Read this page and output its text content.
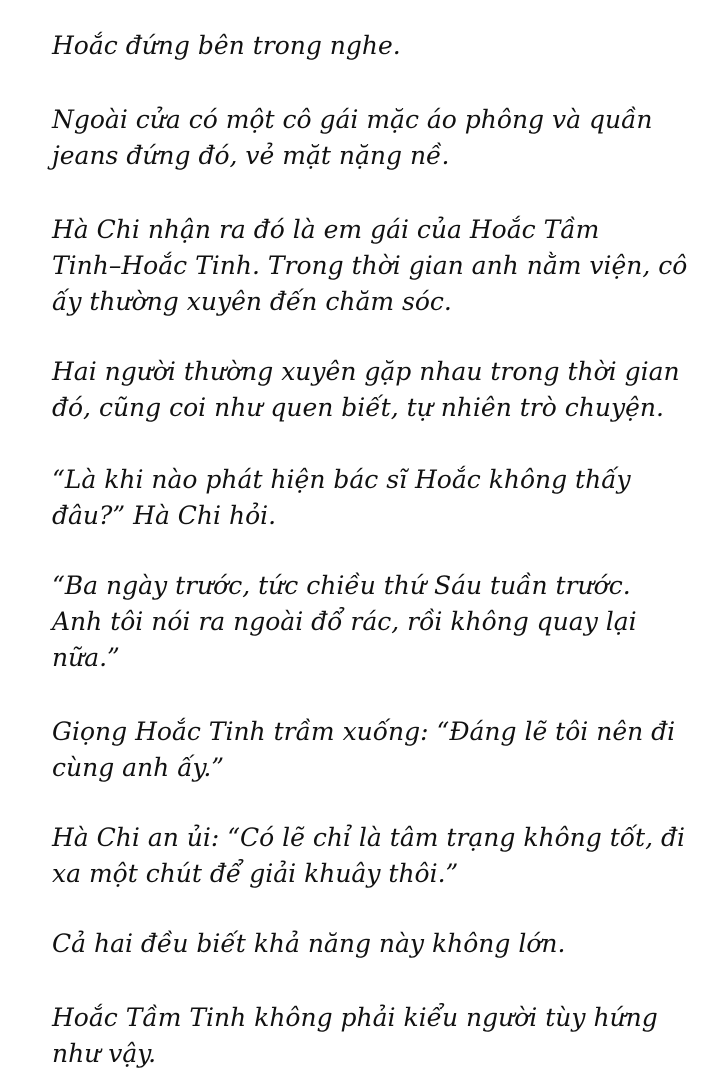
Hoắc đứng bên trong nghe.

Ngoài cửa có một cô gái mặc áo phông và quần
jeans đứng đó, vẻ mặt nặng nề.

Hà Chi nhận ra đó là em gái của Hoắc Tầm
Tinh–Hoắc Tinh. Trong thời gian anh nằm viện, cô
ấy thường xuyên đến chăm sóc.

Hai người thường xuyên gặp nhau trong thời gian
đó, cũng coi như quen biết, tự nhiên trò chuyện.

“Là khi nào phát hiện bác sĩ Hoắc không thấy
đâu?” Hà Chi hỏi.

“Ba ngày trước, tức chiều thứ Sáu tuần trước.
Anh tôi nói ra ngoài đổ rác, rồi không quay lại
nữa.”

Giọng Hoắc Tinh trầm xuống: “Đáng lẽ tôi nên đi
cùng anh ấy.”

Hà Chi an ủi: “Có lẽ chỉ là tâm trạng không tốt, đi
xa một chút để giải khuây thôi.”

Cả hai đều biết khả năng này không lớn.

Hoắc Tầm Tinh không phải kiểu người tùy hứng
như vậy.
